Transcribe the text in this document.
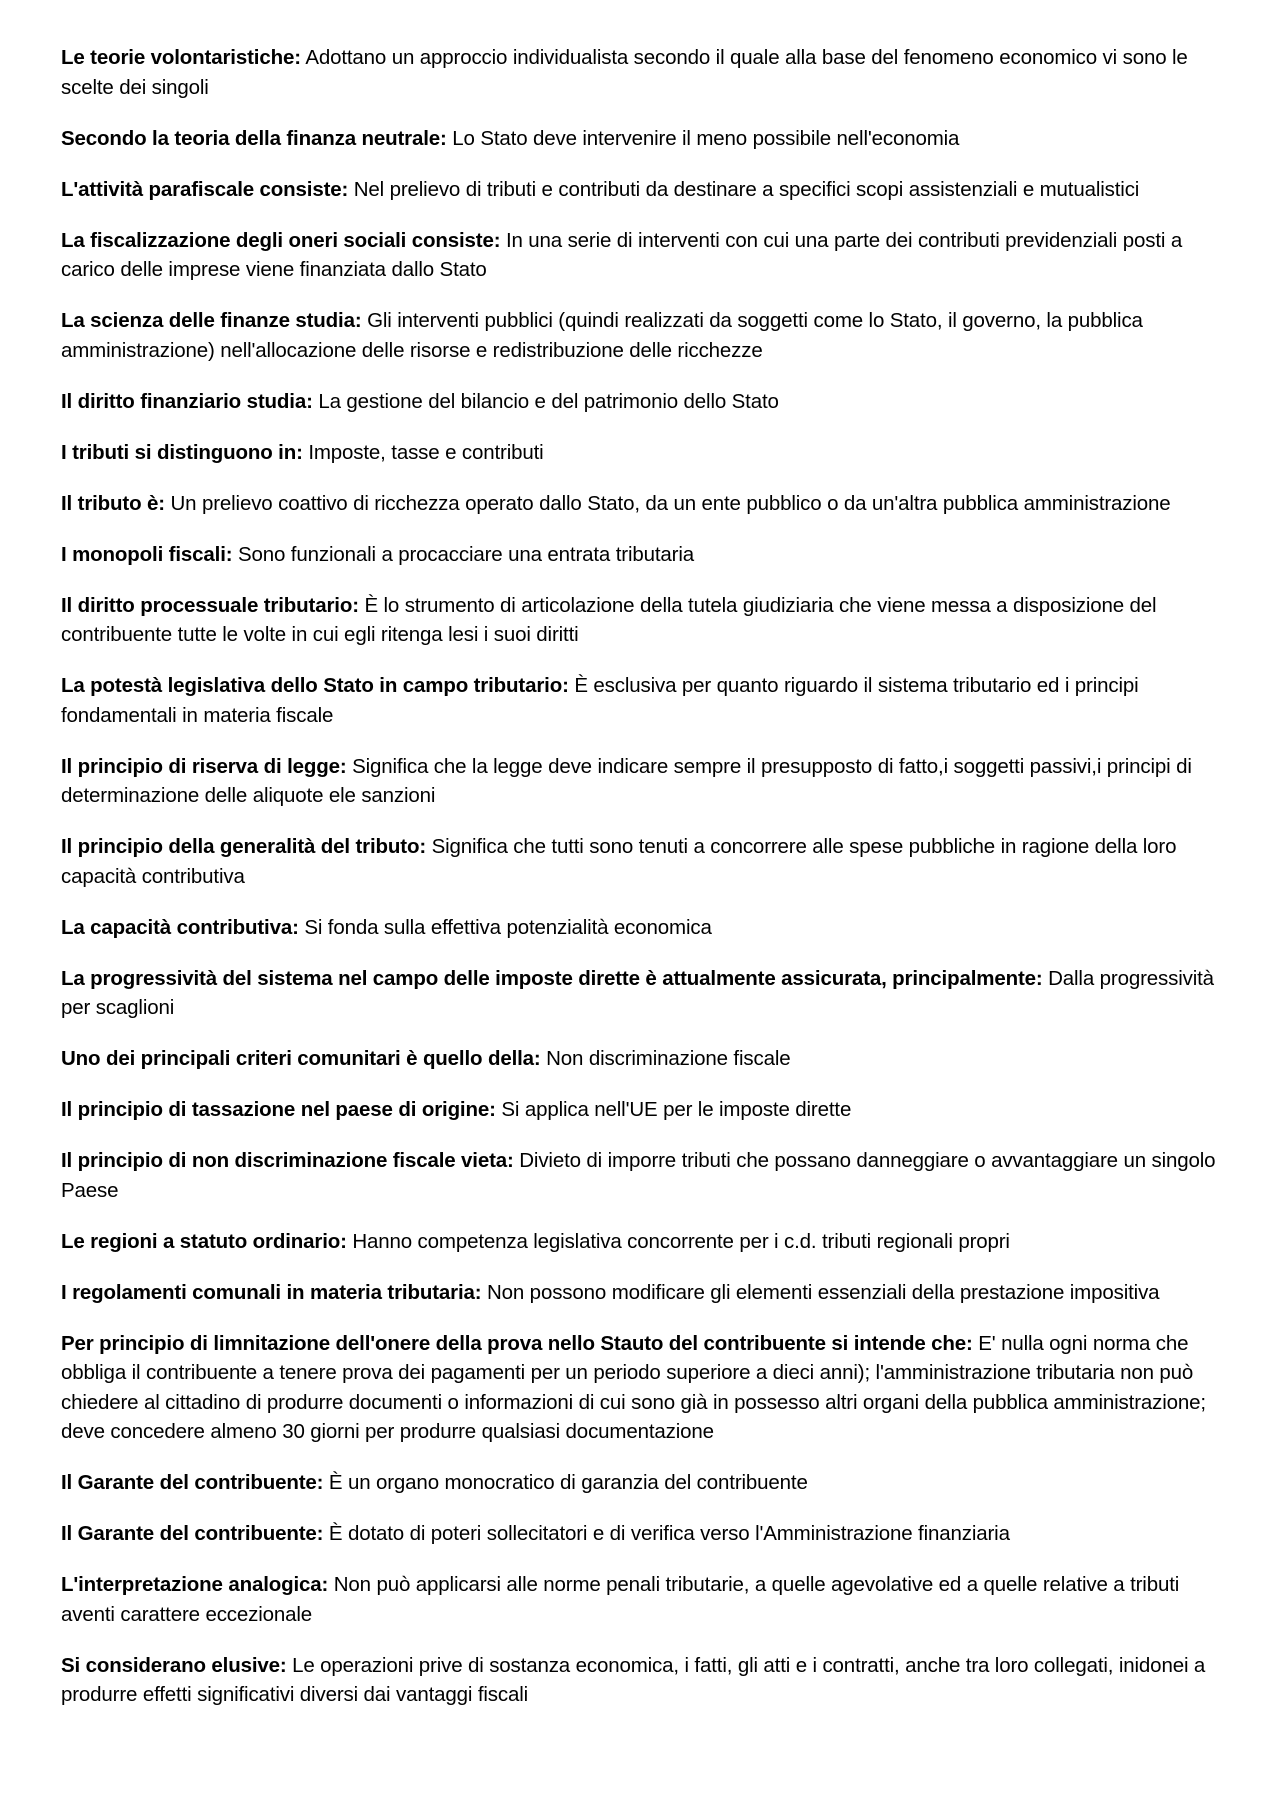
Le teorie volontaristiche: Adottano un approccio individualista secondo il quale alla base del fenomeno economico vi sono le scelte dei singoli

Secondo la teoria della finanza neutrale: Lo Stato deve intervenire il meno possibile nell'economia

L'attività parafiscale consiste: Nel prelievo di tributi e contributi da destinare a specifici scopi assistenziali e mutualistici

La fiscalizzazione degli oneri sociali consiste: In una serie di interventi con cui una parte dei contributi previdenziali posti a carico delle imprese viene finanziata dallo Stato

La scienza delle finanze studia: Gli interventi pubblici (quindi realizzati da soggetti come lo Stato, il governo, la pubblica amministrazione) nell'allocazione delle risorse e redistribuzione delle ricchezze

Il diritto finanziario studia: La gestione del bilancio e del patrimonio dello Stato

I tributi si distinguono in: Imposte, tasse e contributi

Il tributo è: Un prelievo coattivo di ricchezza operato dallo Stato, da un ente pubblico o da un'altra pubblica amministrazione

I monopoli fiscali: Sono funzionali a procacciare una entrata tributaria

Il diritto processuale tributario: È lo strumento di articolazione della tutela giudiziaria che viene messa a disposizione del contribuente tutte le volte in cui egli ritenga lesi i suoi diritti

La potestà legislativa dello Stato in campo tributario: È esclusiva per quanto riguardo il sistema tributario ed i principi fondamentali in materia fiscale

Il principio di riserva di legge: Significa che la legge deve indicare sempre il presupposto di fatto,i soggetti passivi,i principi di determinazione delle aliquote ele sanzioni

Il principio della generalità del tributo: Significa che tutti sono tenuti a concorrere alle spese pubbliche in ragione della loro capacità contributiva

La capacità contributiva: Si fonda sulla effettiva potenzialità economica

La progressività del sistema nel campo delle imposte dirette è attualmente assicurata, principalmente: Dalla progressività per scaglioni

Uno dei principali criteri comunitari è quello della: Non discriminazione fiscale

Il principio di tassazione nel paese di origine: Si applica nell'UE per le imposte dirette

Il principio di non discriminazione fiscale vieta: Divieto di imporre tributi che possano danneggiare o avvantaggiare un singolo Paese

Le regioni a statuto ordinario: Hanno competenza legislativa concorrente per i c.d. tributi regionali propri

I regolamenti comunali in materia tributaria: Non possono modificare gli elementi essenziali della prestazione impositiva

Per principio di limnitazione dell'onere della prova nello Stauto del contribuente si intende che: E' nulla ogni norma che obbliga il contribuente a tenere prova dei pagamenti per un periodo superiore a dieci anni); l'amministrazione tributaria non può chiedere al cittadino di produrre documenti o informazioni di cui sono già in possesso altri organi della pubblica amministrazione; deve concedere almeno 30 giorni per produrre qualsiasi documentazione

Il Garante del contribuente: È un organo monocratico di garanzia del contribuente

Il Garante del contribuente: È dotato di poteri sollecitatori e di verifica verso l'Amministrazione finanziaria

L'interpretazione analogica: Non può applicarsi alle norme penali tributarie, a quelle agevolative ed a quelle relative a tributi aventi carattere eccezionale

Si considerano elusive: Le operazioni prive di sostanza economica, i fatti, gli atti e i contratti, anche tra loro collegati, inidonei a produrre effetti significativi diversi dai vantaggi fiscali
